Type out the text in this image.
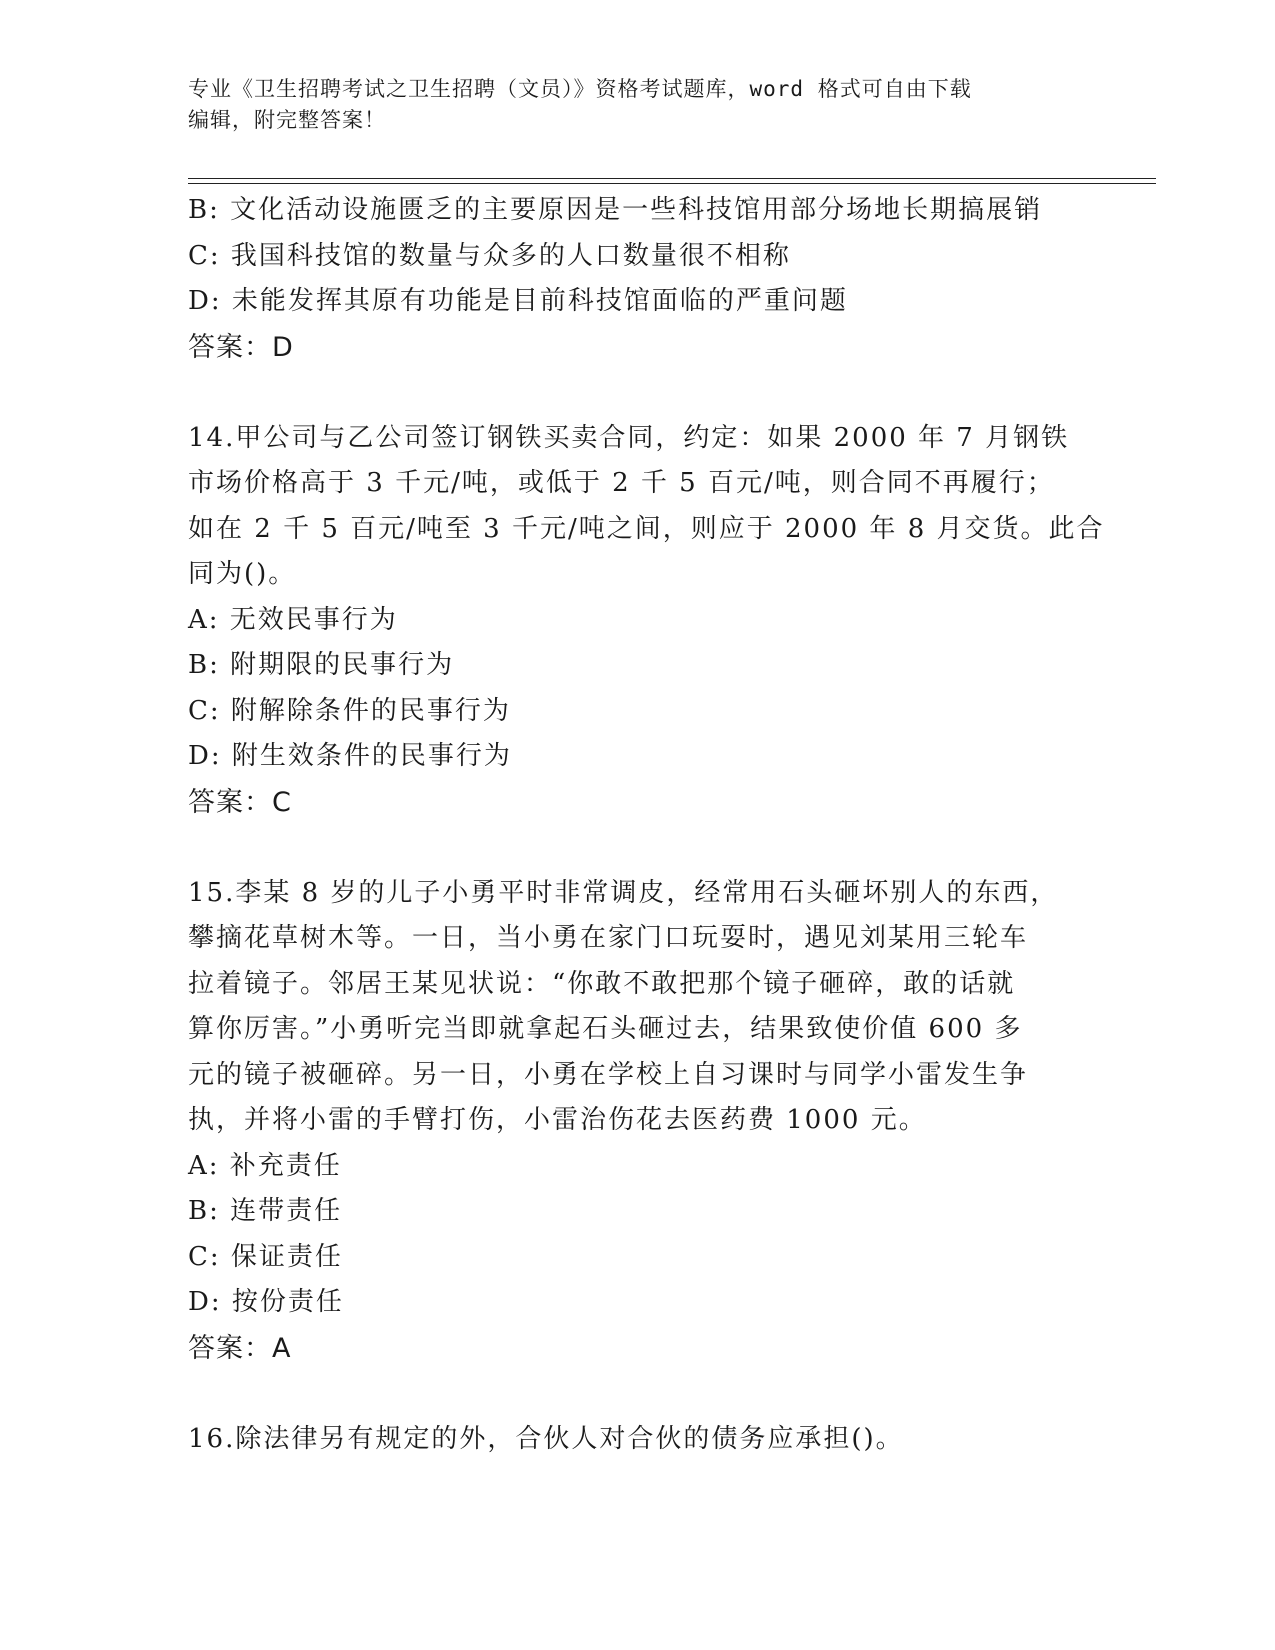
专业《卫生招聘考试之卫生招聘（文员）》资格考试题库，word 格式可自由下载
编辑，附完整答案！
B: 文化活动设施匮乏的主要原因是一些科技馆用部分场地长期搞展销
C: 我国科技馆的数量与众多的人口数量很不相称
D: 未能发挥其原有功能是目前科技馆面临的严重问题
答案：D
14.甲公司与乙公司签订钢铁买卖合同，约定：如果 2000 年 7 月钢铁
市场价格高于 3 千元/吨，或低于 2 千 5 百元/吨，则合同不再履行；
如在 2 千 5 百元/吨至 3 千元/吨之间，则应于 2000 年 8 月交货。此合
同为()。
A: 无效民事行为
B: 附期限的民事行为
C: 附解除条件的民事行为
D: 附生效条件的民事行为
答案：C
15.李某 8 岁的儿子小勇平时非常调皮，经常用石头砸坏别人的东西，
攀摘花草树木等。一日，当小勇在家门口玩耍时，遇见刘某用三轮车
拉着镜子。邻居王某见状说：“你敢不敢把那个镜子砸碎，敢的话就
算你厉害。”小勇听完当即就拿起石头砸过去，结果致使价值 600 多
元的镜子被砸碎。另一日，小勇在学校上自习课时与同学小雷发生争
执，并将小雷的手臂打伤，小雷治伤花去医药费 1000 元。
A: 补充责任
B: 连带责任
C: 保证责任
D: 按份责任
答案：A
16.除法律另有规定的外，合伙人对合伙的债务应承担()。
